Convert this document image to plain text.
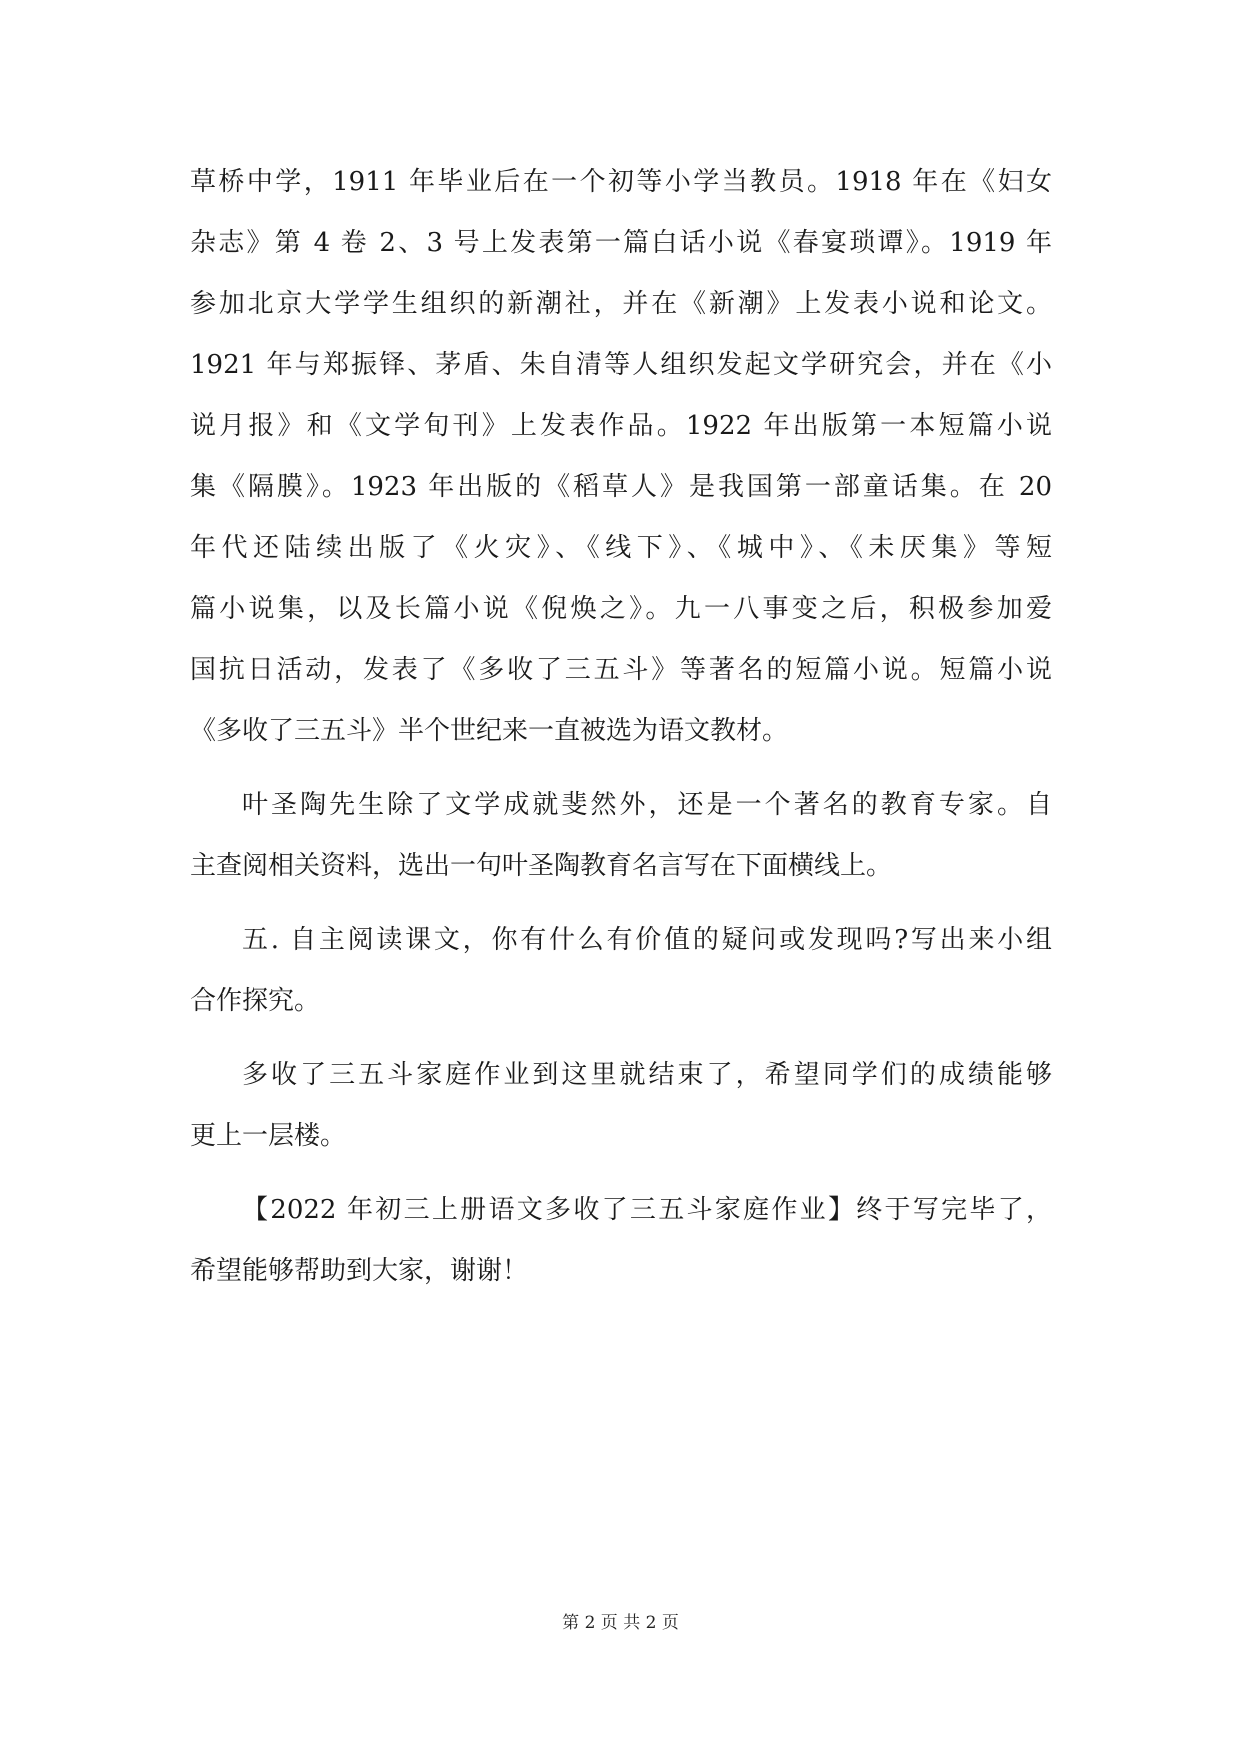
草桥中学，1911 年毕业后在一个初等小学当教员。1918 年在《妇女
杂志》第 4 卷 2、3 号上发表第一篇白话小说《春宴琐谭》。1919 年
参加北京大学学生组织的新潮社，并在《新潮》上发表小说和论文。
1921 年与郑振铎、茅盾、朱自清等人组织发起文学研究会，并在《小
说月报》和《文学旬刊》上发表作品。1922 年出版第一本短篇小说
集《隔膜》。1923 年出版的《稻草人》是我国第一部童话集。在 20
年代还陆续出版了《火灾》、《线下》、《城中》、《未厌集》等短
篇小说集，以及长篇小说《倪焕之》。九一八事变之后，积极参加爱
国抗日活动，发表了《多收了三五斗》等著名的短篇小说。短篇小说
《多收了三五斗》半个世纪来一直被选为语文教材。
叶圣陶先生除了文学成就斐然外，还是一个著名的教育专家。自
主查阅相关资料，选出一句叶圣陶教育名言写在下面横线上。
五. 自主阅读课文，你有什么有价值的疑问或发现吗?写出来小组
合作探究。
多收了三五斗家庭作业到这里就结束了，希望同学们的成绩能够
更上一层楼。
【2022 年初三上册语文多收了三五斗家庭作业】终于写完毕了，
希望能够帮助到大家，谢谢！
第 2 页 共 2 页
